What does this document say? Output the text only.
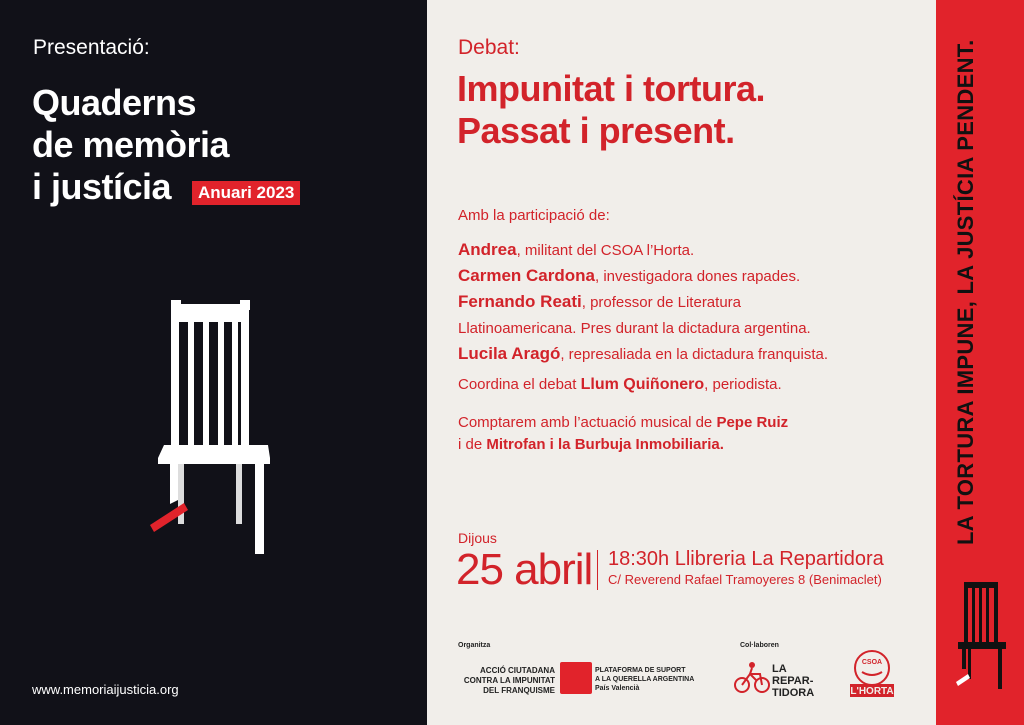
Presentació:
Quaderns
de memòria
i justícia	Anuari 2023
www.memoriaijusticia.org
Debat:
Impunitat i tortura.
Passat i present.
Amb la participació de:
Andrea, militant del CSOA l’Horta.
Carmen Cardona, investigadora dones rapades.
Fernando Reati, professor de Literatura
Llatinoamericana. Pres durant la dictadura argentina.
Lucila Aragó, represaliada en la dictadura franquista.
Coordina el debat Llum Quiñonero, periodista.
Comptarem amb l’actuació musical de Pepe Ruiz
i de Mitrofan i la Burbuja Inmobiliaria.
Dijous
25 abril 18:30h Llibreria La Repartidora
C/ Reverend Rafael Tramoyeres 8 (Benimaclet)
Organitza
ACCIÓ CIUTADANA CONTRA LA IMPUNITAT DEL FRANQUISME
PLATAFORMA DE SUPORT
A LA QUERELLA ARGENTINA
País Valencià
Col·laboren
LA
REPAR-
TIDORA
CSOA
L'HORTA
LA TORTURA IMPUNE, LA JUSTÍCIA PENDENT.
